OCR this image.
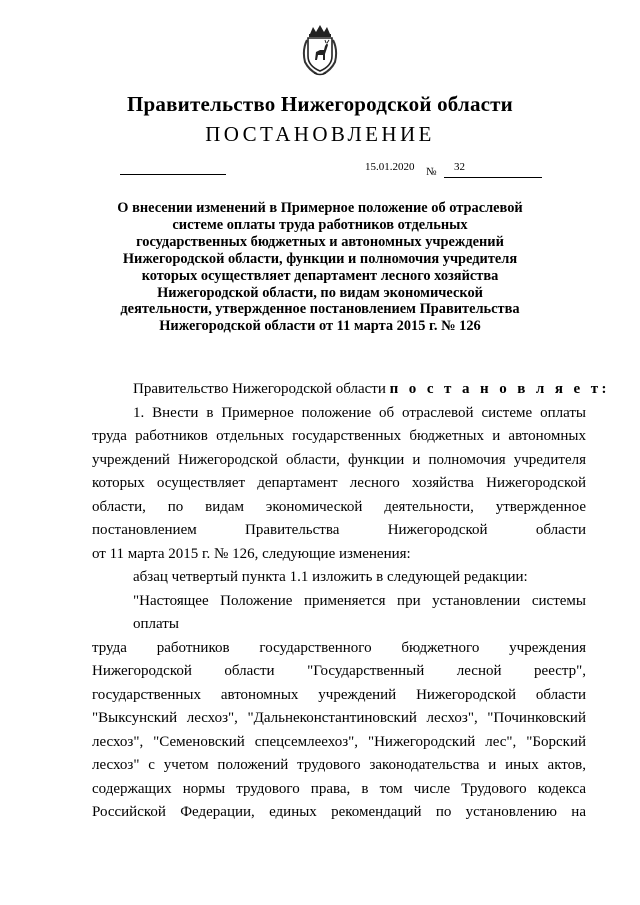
Правительство Нижегородской области
ПОСТАНОВЛЕНИЕ
15.01.2020 № 32
О внесении изменений в Примерное положение об отраслевой
системе оплаты труда работников отдельных
государственных бюджетных и автономных учреждений
Нижегородской области, функции и полномочия учредителя
которых осуществляет департамент лесного хозяйства
Нижегородской области, по видам экономической
деятельности, утвержденное постановлением Правительства
Нижегородской области от 11 марта 2015 г. № 126
Правительство Нижегородской области п о с т а н о в л я е т:
1. Внести в Примерное положение об отраслевой системе оплаты
труда работников отдельных государственных бюджетных и автономных
учреждений Нижегородской области, функции и полномочия учредителя
которых осуществляет департамент лесного хозяйства Нижегородской
области, по видам экономической деятельности, утвержденное
постановлением Правительства Нижегородской области
от 11 марта 2015 г. № 126, следующие изменения:
абзац четвертый пункта 1.1 изложить в следующей редакции:
"Настоящее Положение применяется при установлении системы оплаты
труда работников государственного бюджетного учреждения
Нижегородской области "Государственный лесной реестр",
государственных автономных учреждений Нижегородской области
"Выксунский лесхоз", "Дальнеконстантиновский лесхоз", "Починковский
лесхоз", "Семеновский спецсемлеехоз", "Нижегородский лес", "Борский
лесхоз" с учетом положений трудового законодательства и иных актов,
содержащих нормы трудового права, в том числе Трудового кодекса
Российской Федерации, единых рекомендаций по установлению на
